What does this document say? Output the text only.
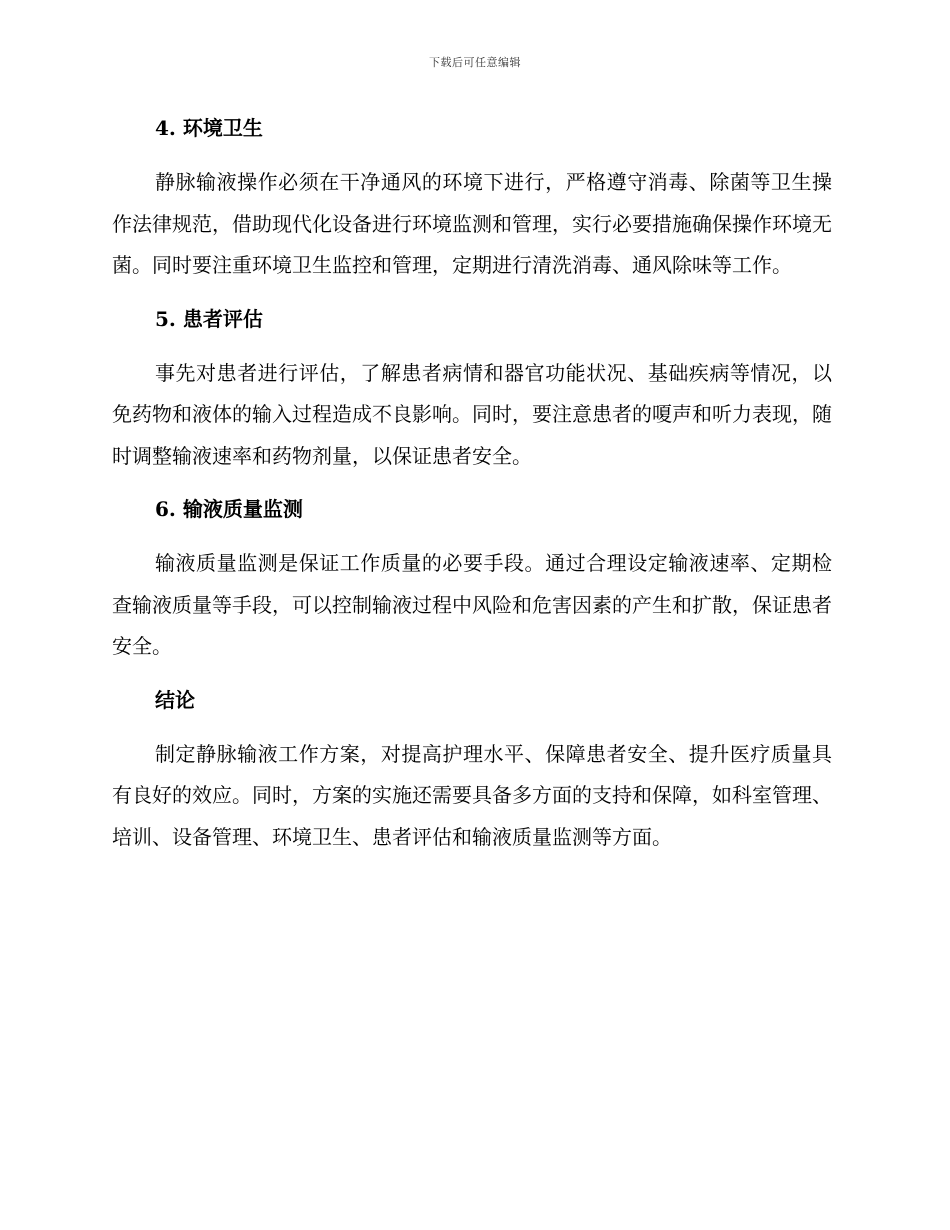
下载后可任意编辑
4. 环境卫生

静脉输液操作必须在干净通风的环境下进行，严格遵守消毒、除菌等卫生操作法律规范，借助现代化设备进行环境监测和管理，实行必要措施确保操作环境无菌。同时要注重环境卫生监控和管理，定期进行清洗消毒、通风除味等工作。

5. 患者评估

事先对患者进行评估，了解患者病情和器官功能状况、基础疾病等情况，以免药物和液体的输入过程造成不良影响。同时，要注意患者的嗄声和听力表现，随时调整输液速率和药物剂量，以保证患者安全。

6. 输液质量监测

输液质量监测是保证工作质量的必要手段。通过合理设定输液速率、定期检查输液质量等手段，可以控制输液过程中风险和危害因素的产生和扩散，保证患者安全。

结论

制定静脉输液工作方案，对提高护理水平、保障患者安全、提升医疗质量具有良好的效应。同时，方案的实施还需要具备多方面的支持和保障，如科室管理、培训、设备管理、环境卫生、患者评估和输液质量监测等方面。
